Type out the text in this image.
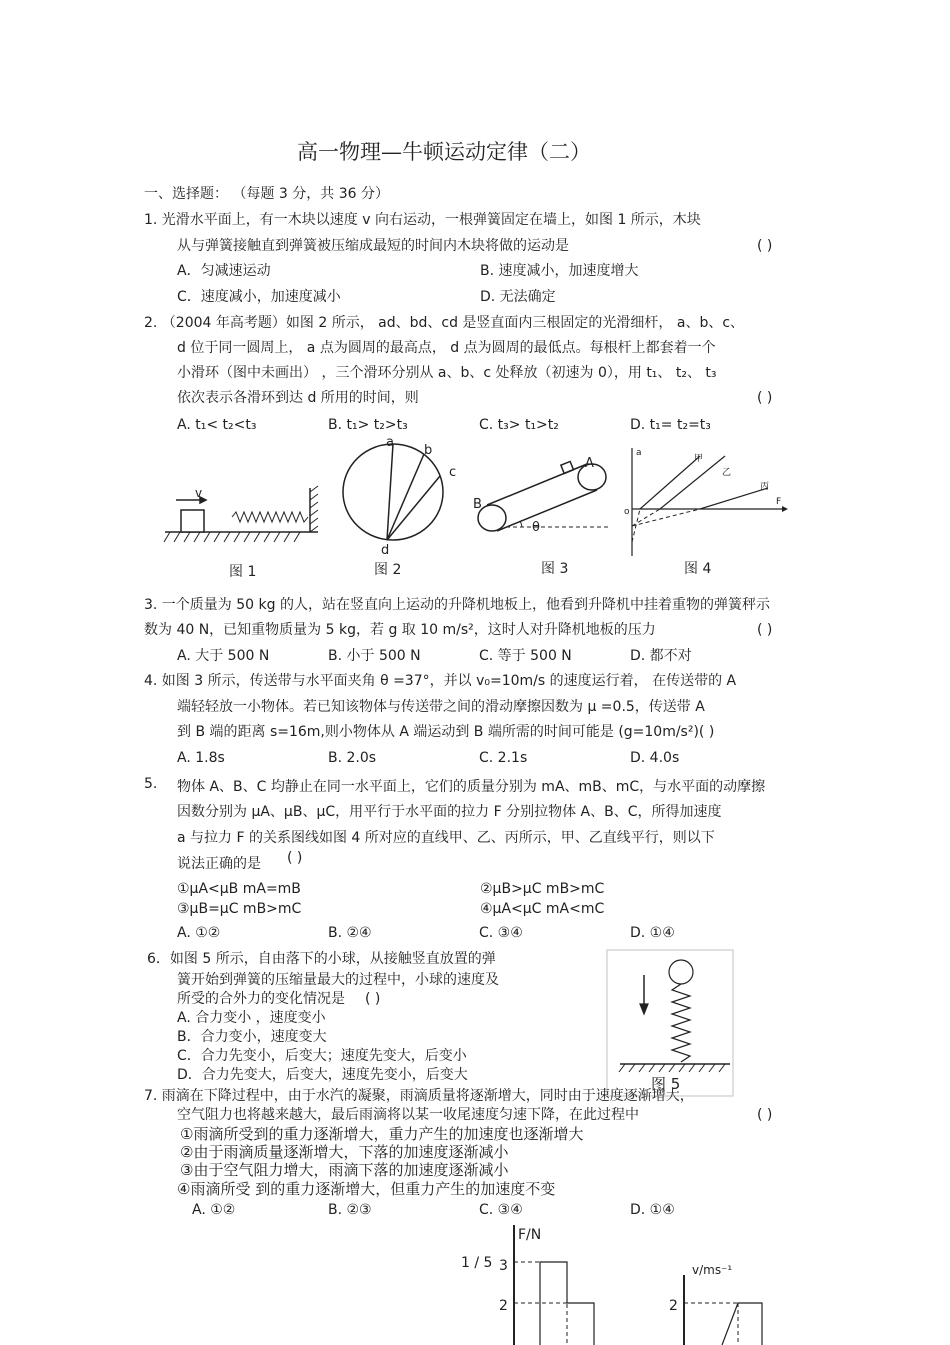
高一物理—牛顿运动定律（二）
一、选择题： （每题 3 分，共 36 分）
1. 光滑水平面上，有一木块以速度 v 向右运动，一根弹簧固定在墙上，如图 1 所示，木块
从与弹簧接触直到弹簧被压缩成最短的时间内木块将做的运动是	( )
A．匀减速运动	B. 速度减小，加速度增大
C．速度减小，加速度减小	D. 无法确定
2. （2004 年高考题）如图 2 所示， ad、bd、cd 是竖直面内三根固定的光滑细杆， a、b、c、
d 位于同一圆周上， a 点为圆周的最高点， d 点为圆周的最低点。每根杆上都套着一个
小滑环（图中未画出） ，三个滑环分别从 a、b、c 处释放（初速为 0），用 t₁、 t₂、 t₃
依次表示各滑环到达 d 所用的时间，则	( )
A. t₁< t₂<t₃	B. t₁> t₂>t₃	C. t₃> t₁>t₂	D. t₁= t₂=t₃
v
a
b
c
d
A
B
θ
a
o
F
甲
乙
丙
图 1	图 2	图 3	图 4
3. 一个质量为 50 kg 的人，站在竖直向上运动的升降机地板上，他看到升降机中挂着重物的弹簧秤示
数为 40 N，已知重物质量为 5 kg，若 g 取 10 m/s²，这时人对升降机地板的压力	( )
A. 大于 500 N	B. 小于 500 N	C. 等于 500 N	D. 都不对
4. 如图 3 所示，传送带与水平面夹角 θ =37°，并以 v₀=10m/s 的速度运行着， 在传送带的 A
端轻轻放一小物体。若已知该物体与传送带之间的滑动摩擦因数为 μ =0.5，传送带 A
到 B 端的距离 s=16m,则小物体从 A 端运动到 B 端所需的时间可能是 (g=10m/s²)( )
A. 1.8s	B. 2.0s	C. 2.1s	D. 4.0s
5. 物体 A、B、C 均静止在同一水平面上，它们的质量分别为 mA、mB、mC，与水平面的动摩擦
因数分别为 μA、μB、μC，用平行于水平面的拉力 F 分别拉物体 A、B、C，所得加速度
a 与拉力 F 的关系图线如图 4 所对应的直线甲、乙、丙所示，甲、乙直线平行，则以下
说法正确的是 ( )
①μA<μB mA=mB	②μB>μC mB>mC
③μB=μC mB>mC	④μA<μC mA<mC
A. ①②	B. ②④	C. ③④	D. ①④
6．如图 5 所示，自由落下的小球，从接触竖直放置的弹
簧开始到弹簧的压缩量最大的过程中，小球的速度及
所受的合外力的变化情况是 ( )
A. 合力变小 ，速度变小
B．合力变小，速度变大
C．合力先变小，后变大；速度先变大，后变小
D．合力先变大，后变大，速度先变小，后变大	图 5
7. 雨滴在下降过程中，由于水汽的凝聚，雨滴质量将逐渐增大，同时由于速度逐渐增大，
空气阻力也将越来越大，最后雨滴将以某一收尾速度匀速下降，在此过程中	( )
①雨滴所受到的重力逐渐增大，重力产生的加速度也逐渐增大
②由于雨滴质量逐渐增大，下落的加速度逐渐减小
③由于空气阻力增大，雨滴下落的加速度逐渐减小
④雨滴所受 到的重力逐渐增大，但重力产生的加速度不变
A. ①②	B. ②③	C. ③④	D. ①④
F/N
1 / 5 3
2
v/ms⁻¹
2
